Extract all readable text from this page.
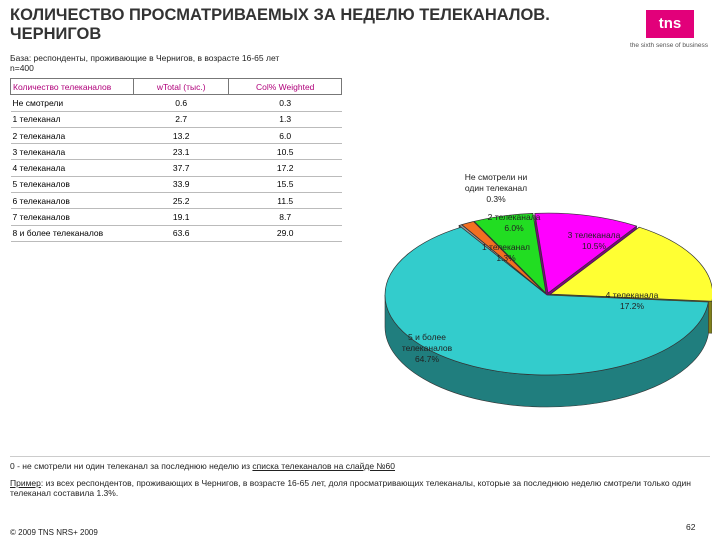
КОЛИЧЕСТВО ПРОСМАТРИВАЕМЫХ ЗА НЕДЕЛЮ ТЕЛЕКАНАЛОВ. ЧЕРНИГОВ
tns
the sixth sense of business
База: респонденты, проживающие в Чернигов, в возрасте 16-65 лет
n=400
Количество телеканалов	wTotal (тыс.)	Col% Weighted
Не смотрели	0.6	0.3
1 телеканал	2.7	1.3
2 телеканала	13.2	6.0
3 телеканала	23.1	10.5
4 телеканала	37.7	17.2
5 телеканалов	33.9	15.5
6 телеканалов	25.2	11.5
7 телеканалов	19.1	8.7
8 и более телеканалов	63.6	29.0
Не смотрели ни
один телеканал
0.3%
1 телеканал
1.3%
2 телеканала
6.0%
3 телеканала
10.5%
4 телеканала
17.2%
5 и более
телеканалов
64.7%
0 - не смотрели ни один телеканал за последнюю неделю из списка телеканалов на слайде №60
Пример: из всех респондентов, проживающих в Чернигов, в возрасте 16-65 лет, доля просматривающих телеканалы, которые за последнюю неделю смотрели только один телеканал составила 1.3%.
© 2009 TNS NRS+ 2009
62
